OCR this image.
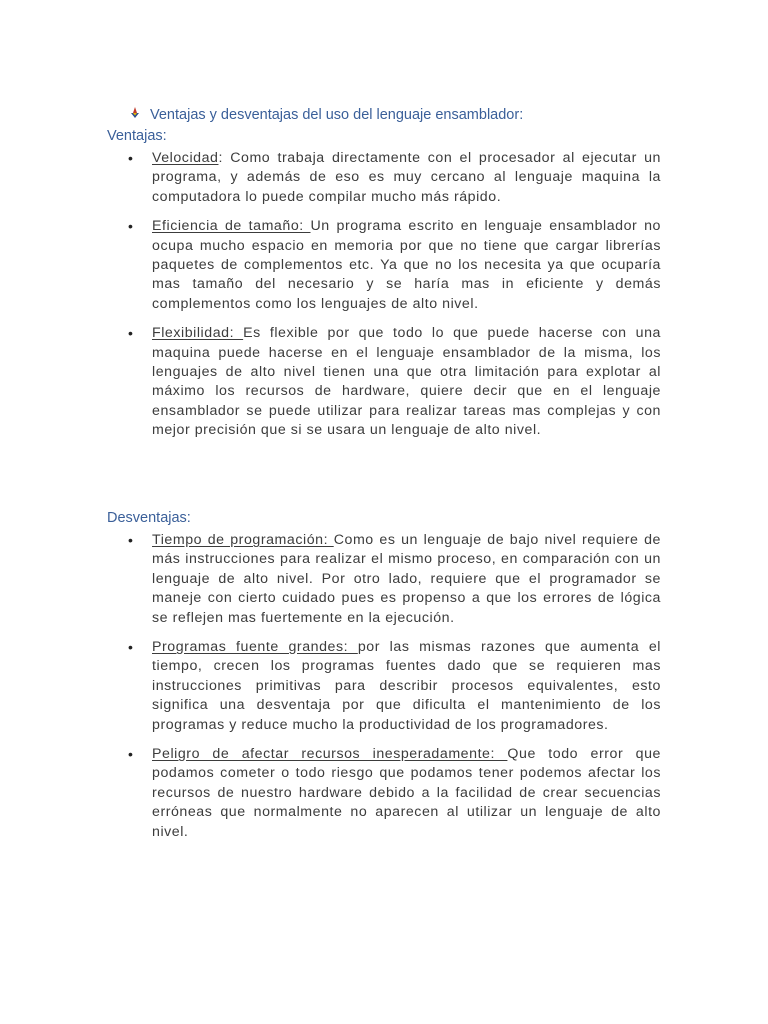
Ventajas y desventajas del uso del lenguaje ensamblador:
Ventajas:
• Velocidad: Como trabaja directamente con el procesador al ejecutar un programa, y además de eso es muy cercano al lenguaje maquina la computadora lo puede compilar mucho más rápido.
• Eficiencia de tamaño: Un programa escrito en lenguaje ensamblador no ocupa mucho espacio en memoria por que no tiene que cargar librerías paquetes de complementos etc. Ya que no los necesita ya que ocuparía mas tamaño del necesario y se haría mas in eficiente y demás complementos como los lenguajes de alto nivel.
• Flexibilidad: Es flexible por que todo lo que puede hacerse con una maquina puede hacerse en el lenguaje ensamblador de la misma, los lenguajes de alto nivel tienen una que otra limitación para explotar al máximo los recursos de hardware, quiere decir que en el lenguaje ensamblador se puede utilizar para realizar tareas mas complejas y con mejor precisión que si se usara un lenguaje de alto nivel.
Desventajas:
• Tiempo de programación: Como es un lenguaje de bajo nivel requiere de más instrucciones para realizar el mismo proceso, en comparación con un lenguaje de alto nivel. Por otro lado, requiere que el programador se maneje con cierto cuidado pues es propenso a que los errores de lógica se reflejen mas fuertemente en la ejecución.
• Programas fuente grandes: por las mismas razones que aumenta el tiempo, crecen los programas fuentes dado que se requieren mas instrucciones primitivas para describir procesos equivalentes, esto significa una desventaja por que dificulta el mantenimiento de los programas y reduce mucho la productividad de los programadores.
• Peligro de afectar recursos inesperadamente: Que todo error que podamos cometer o todo riesgo que podamos tener podemos afectar los recursos de nuestro hardware debido a la facilidad de crear secuencias erróneas que normalmente no aparecen al utilizar un lenguaje de alto nivel.
